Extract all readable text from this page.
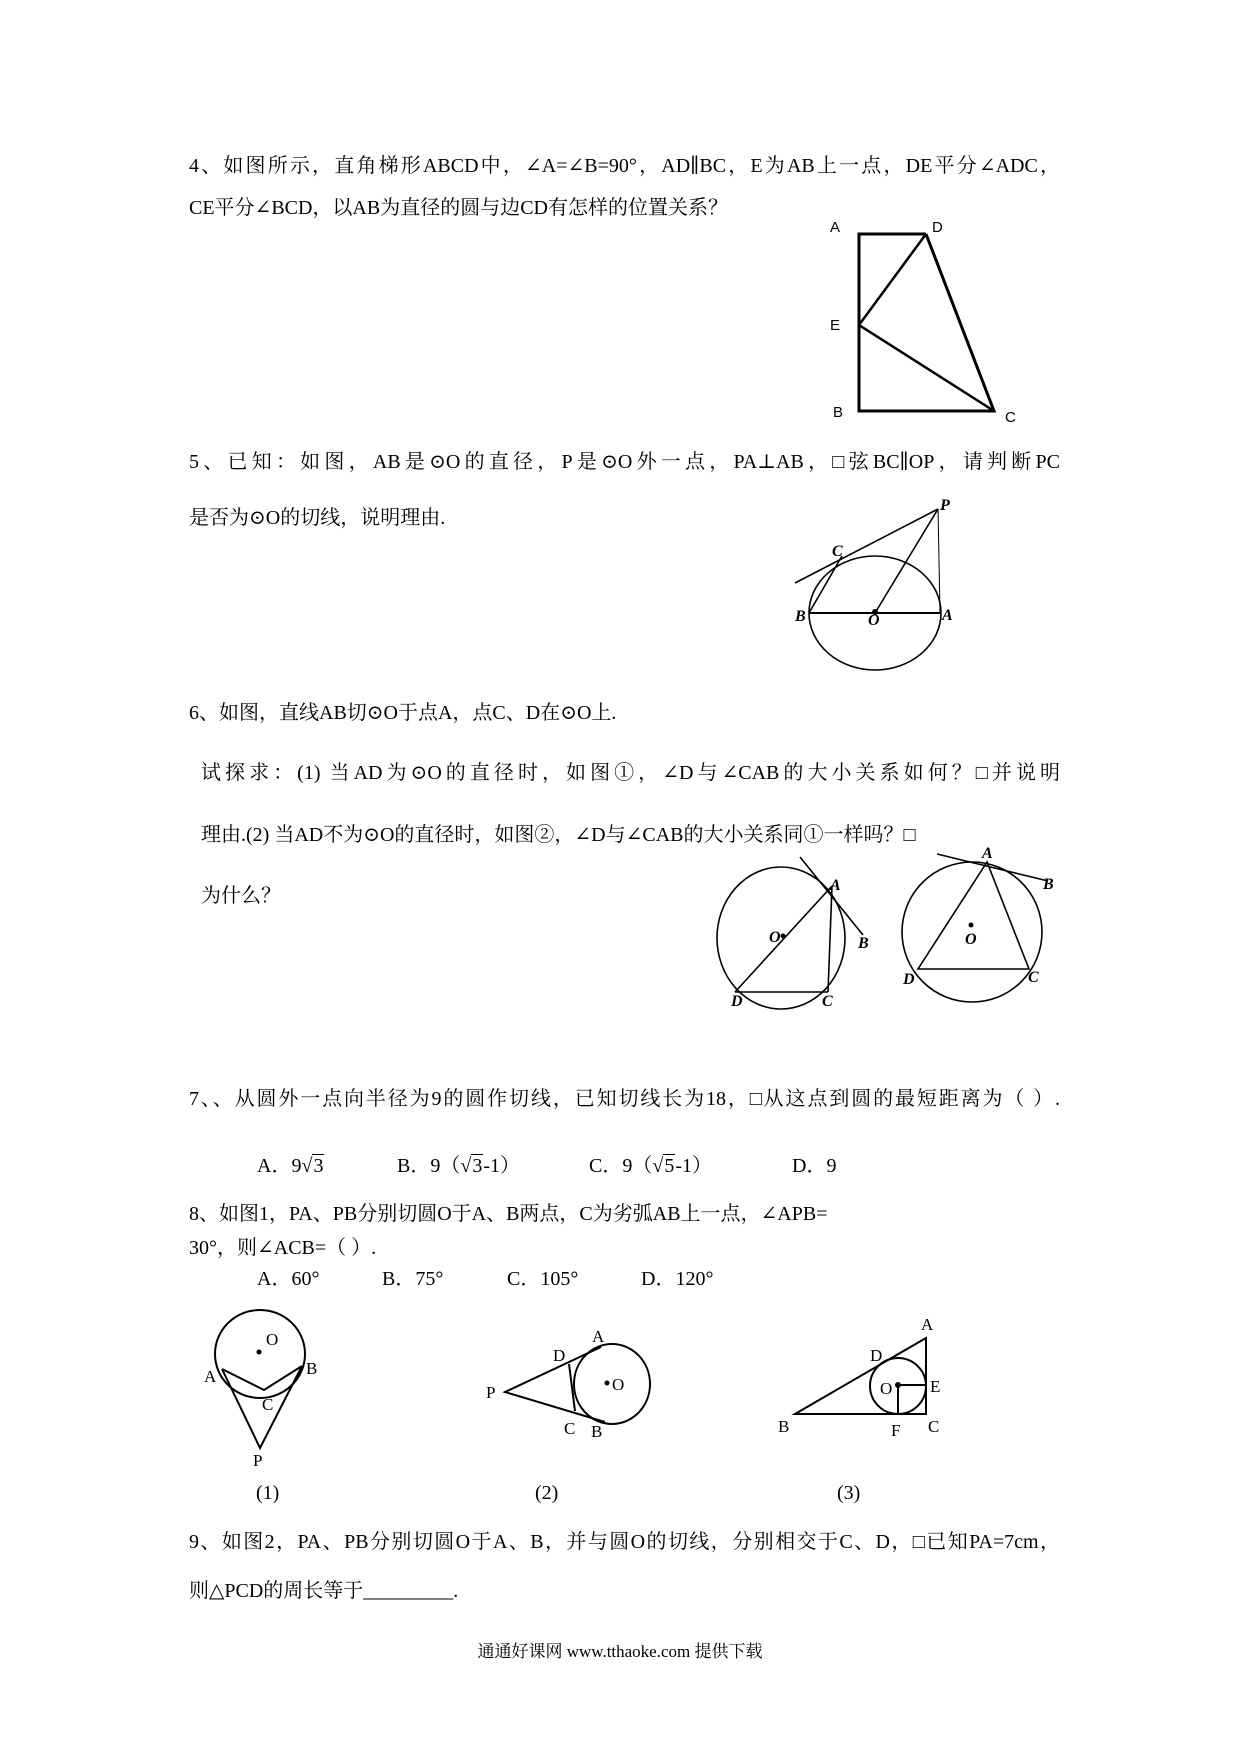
4、如图所示，直角梯形ABCD中，∠A=∠B=90°，AD∥BC，E为AB上一点，DE平分∠ADC，
CE平分∠BCD，以AB为直径的圆与边CD有怎样的位置关系？
5、已知：如图，AB是⊙O的直径，P是⊙O外一点，PA⊥AB，□弦BC∥OP，请判断PC
是否为⊙O的切线，说明理由.
6、如图，直线AB切⊙O于点A，点C、D在⊙O上.
试探求：(1) 当AD为⊙O的直径时，如图①，∠D与∠CAB的大小关系如何？□并说明
理由.(2) 当AD不为⊙O的直径时，如图②，∠D与∠CAB的大小关系同①一样吗？□
为什么？
7、、从圆外一点向半径为9的圆作切线，已知切线长为18，□从这点到圆的最短距离为（ ）.
A．9√3	B．9（√3-1）	C．9（√5-1）	D．9
8、如图1，PA、PB分别切圆O于A、B两点，C为劣弧AB上一点，∠APB=
30°，则∠ACB=（ ）.
A．60°	B．75°	C．105°	D．120°
(1)	(2)	(3)
9、如图2，PA、PB分别切圆O于A、B，并与圆O的切线，分别相交于C、D，□已知PA=7cm，
则△PCD的周长等于_________.
通通好课网 www.tthaoke.com 提供下载
A	D
E
B	C
P
C
B	O	A
A
B
O
D	C
A
B
O
D	C
O
A	B
C
P
D
A
P	O
C B
A
D
O E
B	F C
